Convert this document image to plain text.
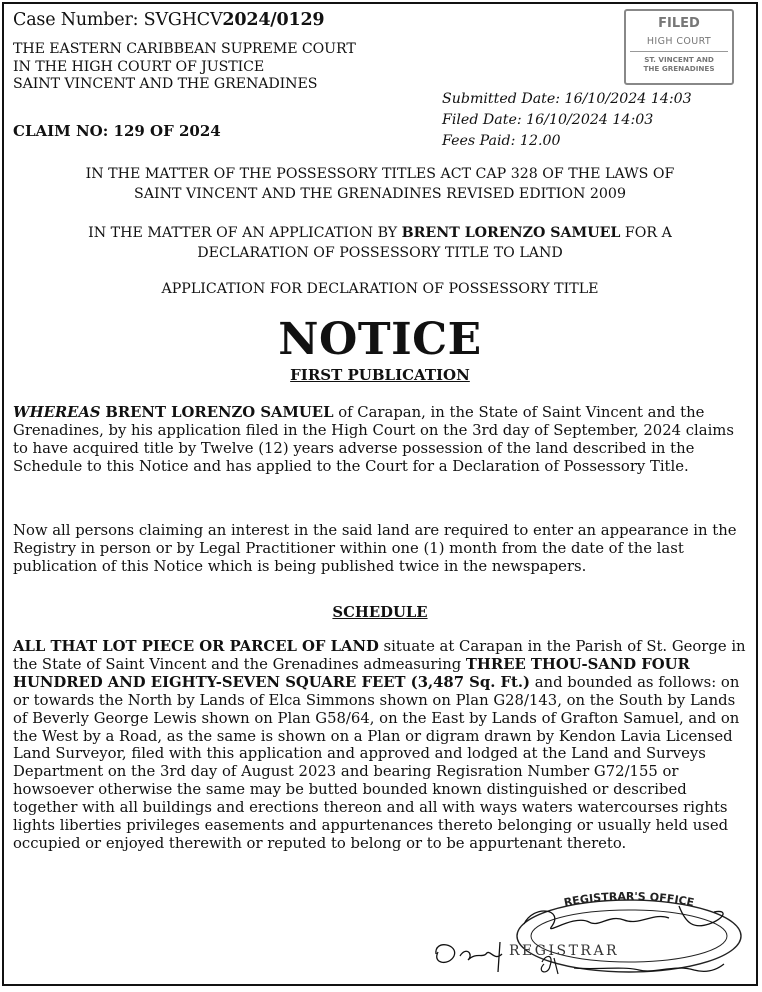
Case Number: SVGHCV2024/0129
THE EASTERN CARIBBEAN SUPREME COURT
IN THE HIGH COURT OF JUSTICE
SAINT VINCENT AND THE GRENADINES
CLAIM NO: 129 OF 2024
Submitted Date: 16/10/2024 14:03
Filed Date: 16/10/2024 14:03
Fees Paid: 12.00
FILED
HIGH COURT
ST. VINCENT AND
THE GRENADINES
IN THE MATTER OF THE POSSESSORY TITLES ACT CAP 328 OF THE LAWS OF
SAINT VINCENT AND THE GRENADINES REVISED EDITION 2009
IN THE MATTER OF AN APPLICATION BY BRENT LORENZO SAMUEL FOR A
DECLARATION OF POSSESSORY TITLE TO LAND
APPLICATION FOR DECLARATION OF POSSESSORY TITLE
NOTICE
FIRST PUBLICATION
WHEREAS BRENT LORENZO SAMUEL of Carapan, in the State of Saint Vincent and the Grenadines, by his application filed in the High Court on the 3rd day of September, 2024 claims to have acquired title by Twelve (12) years adverse possession of the land described in the Schedule to this Notice and has applied to the Court for a Declaration of Possessory Title.
Now all persons claiming an interest in the said land are required to enter an appearance in the Registry in person or by Legal Practitioner within one (1) month from the date of the last publication of this Notice which is being published twice in the newspapers.
SCHEDULE
ALL THAT LOT PIECE OR PARCEL OF LAND situate at Carapan in the Parish of St. George in the State of Saint Vincent and the Grenadines admeasuring THREE THOU-SAND FOUR HUNDRED AND EIGHTY-SEVEN SQUARE FEET (3,487 Sq. Ft.) and bounded as follows: on or towards the North by Lands of Elca Simmons shown on Plan G28/143, on the South by Lands of Beverly George Lewis shown on Plan G58/64, on the East by Lands of Grafton Samuel, and on the West by a Road, as the same is shown on a Plan or digram drawn by Kendon Lavia Licensed Land Surveyor, filed with this application and approved and lodged at the Land and Surveys Department on the 3rd day of August 2023 and bearing Regisration Number G72/155 or howsoever otherwise the same may be butted bounded known distinguished or described together with all buildings and erections thereon and all with ways waters watercourses rights lights liberties privileges easements and appurtenances thereto belonging or usually held used occupied or enjoyed therewith or reputed to belong or to be appurtenant thereto.
REGISTRAR'S OFFICE
REGISTRAR
